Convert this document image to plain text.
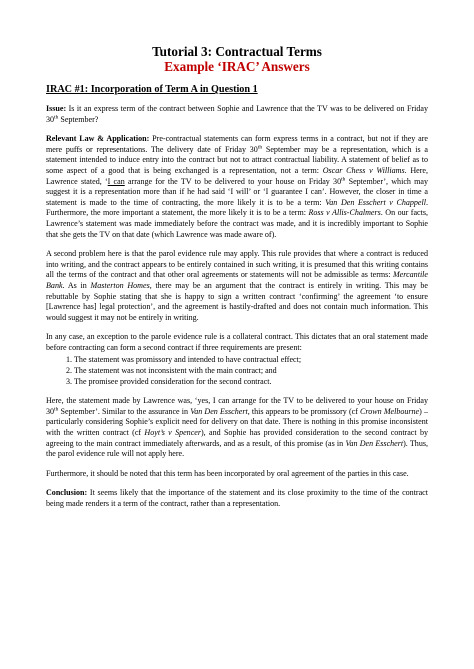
Tutorial 3: Contractual Terms
Example ‘IRAC’ Answers
IRAC #1: Incorporation of Term A in Question 1

Issue: Is it an express term of the contract between Sophie and Lawrence that the TV was to be delivered on Friday 30th September?

Relevant Law & Application: Pre-contractual statements can form express terms in a contract, but not if they are mere puffs or representations. The delivery date of Friday 30th September may be a representation, which is a statement intended to induce entry into the contract but not to attract contractual liability. A statement of belief as to some aspect of a good that is being exchanged is a representation, not a term: Oscar Chess v Williams. Here, Lawrence stated, ‘I can arrange for the TV to be delivered to your house on Friday 30th September’, which may suggest it is a representation more than if he had said ‘I will’ or ‘I guarantee I can’. However, the closer in time a statement is made to the time of contracting, the more likely it is to be a term: Van Den Esschert v Chappell. Furthermore, the more important a statement, the more likely it is to be a term: Ross v Allis-Chalmers. On our facts, Lawrence’s statement was made immediately before the contract was made, and it is incredibly important to Sophie that she gets the TV on that date (which Lawrence was made aware of).

A second problem here is that the parol evidence rule may apply. This rule provides that where a contract is reduced into writing, and the contract appears to be entirely contained in such writing, it is presumed that this writing contains all the terms of the contract and that other oral agreements or statements will not be admissible as terms: Mercantile Bank. As in Masterton Homes, there may be an argument that the contract is entirely in writing. This may be rebuttable by Sophie stating that she is happy to sign a written contract ‘confirming’ the agreement ‘to ensure [Lawrence has] legal protection’, and the agreement is hastily-drafted and does not contain much information. This would suggest it may not be entirely in writing.

In any case, an exception to the parole evidence rule is a collateral contract. This dictates that an oral statement made before contracting can form a second contract if three requirements are present:

1. The statement was promissory and intended to have contractual effect;
2. The statement was not inconsistent with the main contract; and
3. The promisee provided consideration for the second contract.

Here, the statement made by Lawrence was, ‘yes, I can arrange for the TV to be delivered to your house on Friday 30th September’. Similar to the assurance in Van Den Esschert, this appears to be promissory (cf Crown Melbourne) – particularly considering Sophie’s explicit need for delivery on that date. There is nothing in this promise inconsistent with the written contract (cf Hoyt’s v Spencer), and Sophie has provided consideration to the second contract by agreeing to the main contract immediately afterwards, and as a result, of this promise (as in Van Den Esschert). Thus, the parol evidence rule will not apply here.

Furthermore, it should be noted that this term has been incorporated by oral agreement of the parties in this case.

Conclusion: It seems likely that the importance of the statement and its close proximity to the time of the contract being made renders it a term of the contract, rather than a representation.
